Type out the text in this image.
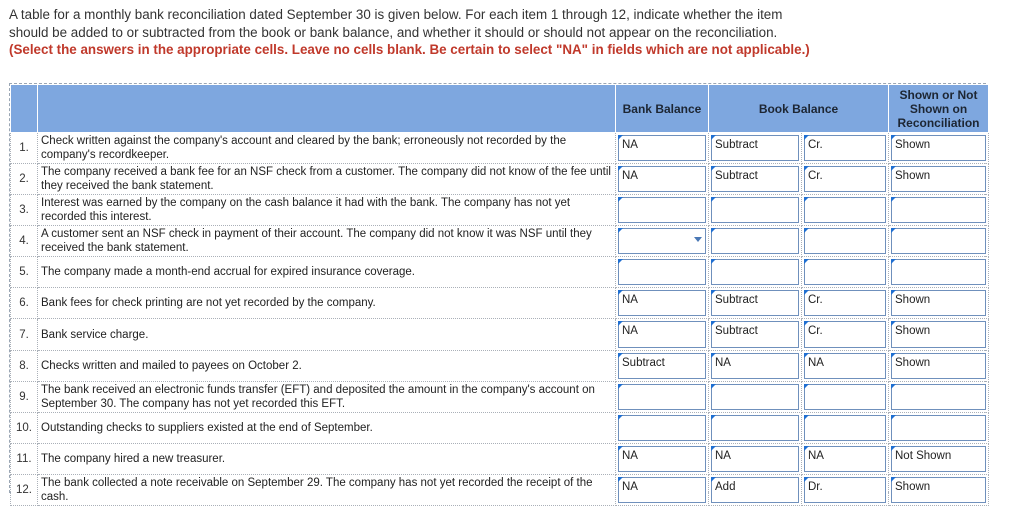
A table for a monthly bank reconciliation dated September 30 is given below. For each item 1 through 12, indicate whether the item
should be added to or subtracted from the book or bank balance, and whether it should or should not appear on the reconciliation.
(Select the answers in the appropriate cells. Leave no cells blank. Be certain to select "NA" in fields which are not applicable.)
		Bank Balance	Book Balance		Shown or Not Shown on Reconciliation
1.	Check written against the company's account and cleared by the bank; erroneously not recorded by the company's recordkeeper.	NA	Subtract	Cr.	Shown

2.	The company received a bank fee for an NSF check from a customer. The company did not know of the fee until they received the bank statement.	NA	Subtract	Cr.	Shown

3.	Interest was earned by the company on the cash balance it had with the bank. The company has not yet recorded this interest.	

4.	A customer sent an NSF check in payment of their account. The company did not know it was NSF until they received the bank statement.	

5.	The company made a month-end accrual for expired insurance coverage.	

6.	Bank fees for check printing are not yet recorded by the company.	NA	Subtract	Cr.	Shown

7.	Bank service charge.	NA	Subtract	Cr.	Shown

8.	Checks written and mailed to payees on October 2.	Subtract	NA	NA	Shown

9.	The bank received an electronic funds transfer (EFT) and deposited the amount in the company's account on September 30. The company has not yet recorded this EFT.	

10.	Outstanding checks to suppliers existed at the end of September.	

11.	The company hired a new treasurer.	NA	NA	NA	Not Shown

12.	The bank collected a note receivable on September 29. The company has not yet recorded the receipt of the cash.	NA	Add	Dr.	Shown
